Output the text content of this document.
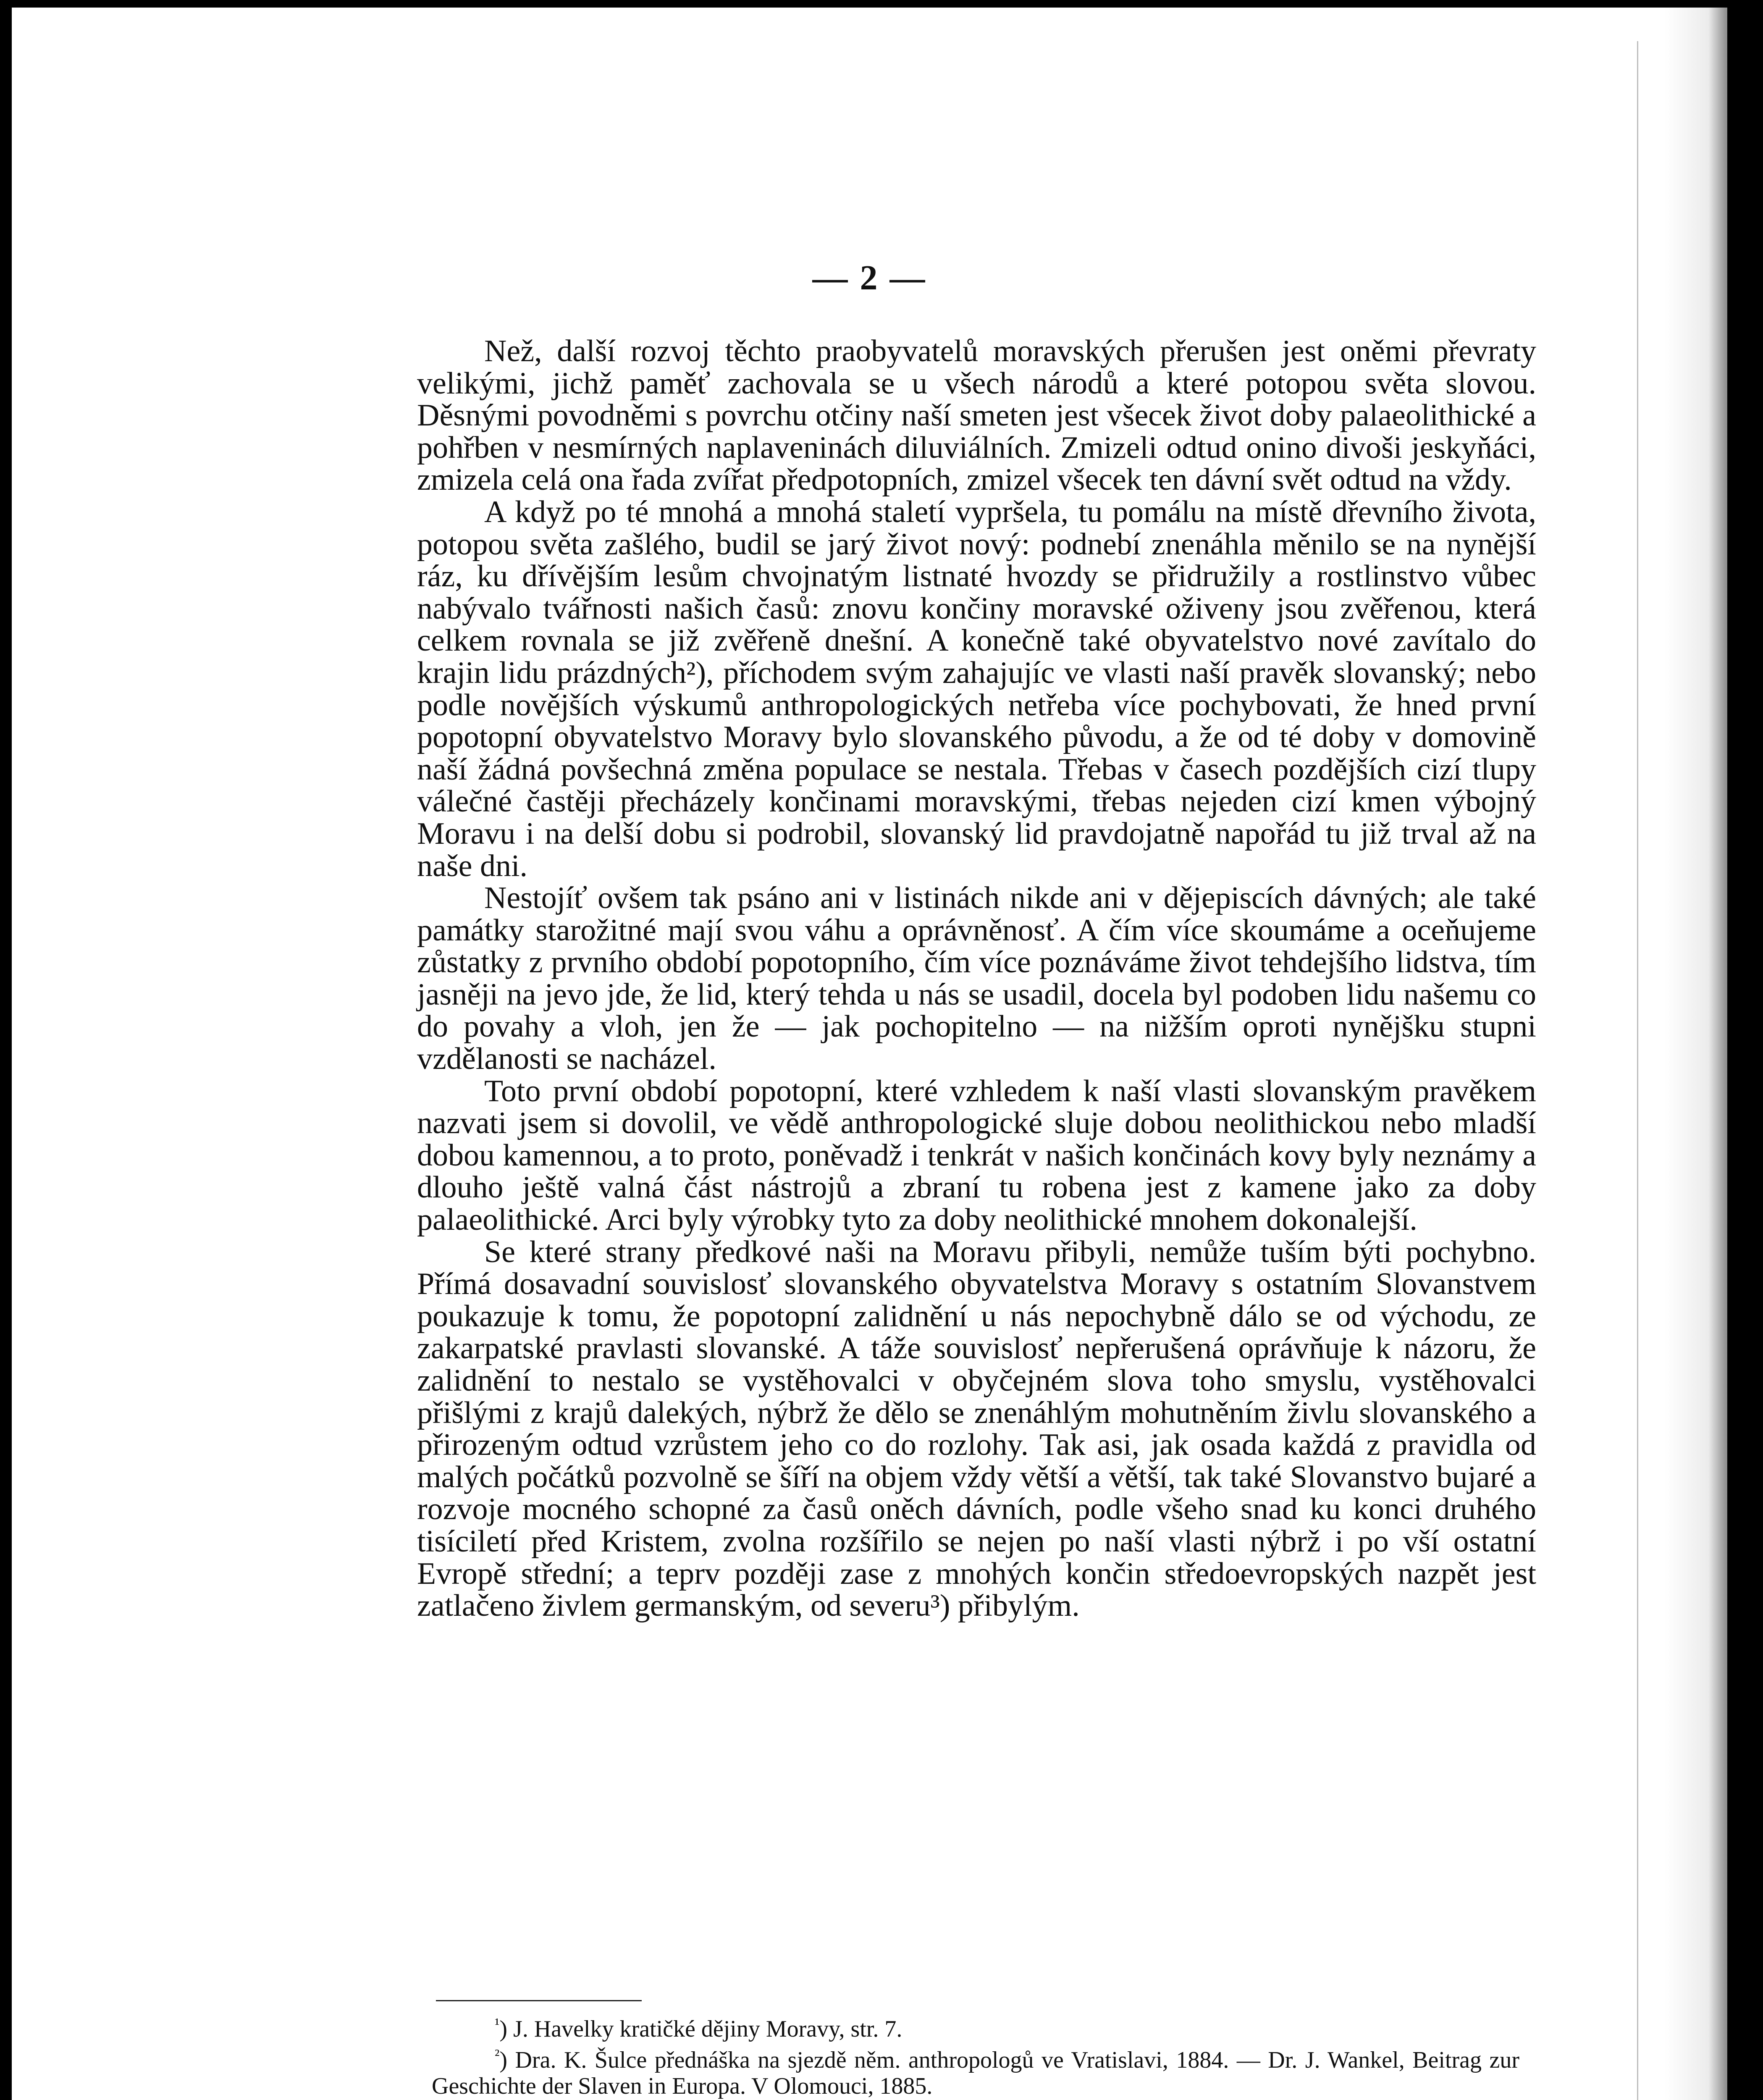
— 2 —

Než, další rozvoj těchto praobyvatelů moravských přerušen jest oněmi převraty velikými, jichž paměť zachovala se u všech národů a které potopou světa slovou. Děsnými povodněmi s povrchu otčiny naší smeten jest všecek život doby palaeolithické a pohřben v nesmírných naplaveninách diluviálních. Zmizeli odtud onino divoši jeskyňáci, zmizela celá ona řada zvířat předpotopních, zmizel všecek ten dávní svět odtud na vždy.

A když po té mnohá a mnohá staletí vypršela, tu pomálu na místě dřevního života, potopou světa zašlého, budil se jarý život nový: podnebí znenáhla měnilo se na nynější ráz, ku dřívějším lesům chvojnatým listnaté hvozdy se přidružily a rostlinstvo vůbec nabývalo tvářnosti našich časů: znovu končiny moravské oživeny jsou zvěřenou, která celkem rovnala se již zvěřeně dnešní. A konečně také obyvatelstvo nové zavítalo do krajin lidu prázdných²), příchodem svým zahajujíc ve vlasti naší pravěk slovanský; nebo podle novějších výskumů anthropologických netřeba více pochybovati, že hned první popotopní obyvatelstvo Moravy bylo slovanského původu, a že od té doby v domovině naší žádná povšechná změna populace se nestala. Třebas v časech pozdějších cizí tlupy válečné častěji přecházely končinami moravskými, třebas nejeden cizí kmen výbojný Moravu i na delší dobu si podrobil, slovanský lid pravdojatně napořád tu již trval až na naše dni.

Nestojíť ovšem tak psáno ani v listinách nikde ani v dějepiscích dávných; ale také památky starožitné mají svou váhu a oprávněnosť. A čím více skoumáme a oceňujeme zůstatky z prvního období popotopního, čím více poznáváme život tehdejšího lidstva, tím jasněji na jevo jde, že lid, který tehda u nás se usadil, docela byl podoben lidu našemu co do povahy a vloh, jen že — jak pochopitelno — na nižším oproti nynějšku stupni vzdělanosti se nacházel.

Toto první období popotopní, které vzhledem k naší vlasti slovanským pravěkem nazvati jsem si dovolil, ve vědě anthropologické sluje dobou neolithickou nebo mladší dobou kamennou, a to proto, poněvadž i tenkrát v našich končinách kovy byly neznámy a dlouho ještě valná část nástrojů a zbraní tu robena jest z kamene jako za doby palaeolithické. Arci byly výrobky tyto za doby neolithické mnohem dokonalejší.

Se které strany předkové naši na Moravu přibyli, nemůže tuším býti pochybno. Přímá dosavadní souvislosť slovanského obyvatelstva Moravy s ostatním Slovanstvem poukazuje k tomu, že popotopní zalidnění u nás nepochybně dálo se od východu, ze zakarpatské pravlasti slovanské. A táže souvislosť nepřerušená oprávňuje k názoru, že zalidnění to nestalo se vystěhovalci v obyčejném slova toho smyslu, vystěhovalci přišlými z krajů dalekých, nýbrž že dělo se znenáhlým mohutněním živlu slovanského a přirozeným odtud vzrůstem jeho co do rozlohy. Tak asi, jak osada každá z pravidla od malých počátků pozvolně se šíří na objem vždy větší a větší, tak také Slovanstvo bujaré a rozvoje mocného schopné za časů oněch dávních, podle všeho snad ku konci druhého tisíciletí před Kristem, zvolna rozšířilo se nejen po naší vlasti nýbrž i po vší ostatní Evropě střední; a teprv později zase z mnohých končin středoevropských nazpět jest zatlačeno živlem germanským, od severu³) přibylým.

$^{^1}$) J. Havelky kratičké dějiny Moravy, str. 7.

$^{^2}$) Dra. K. Šulce přednáška na sjezdě něm. anthropologů ve Vratislavi, 1884. — Dr. J. Wankel, Beitrag zur Geschichte der Slaven in Europa. V Olomouci, 1885.
